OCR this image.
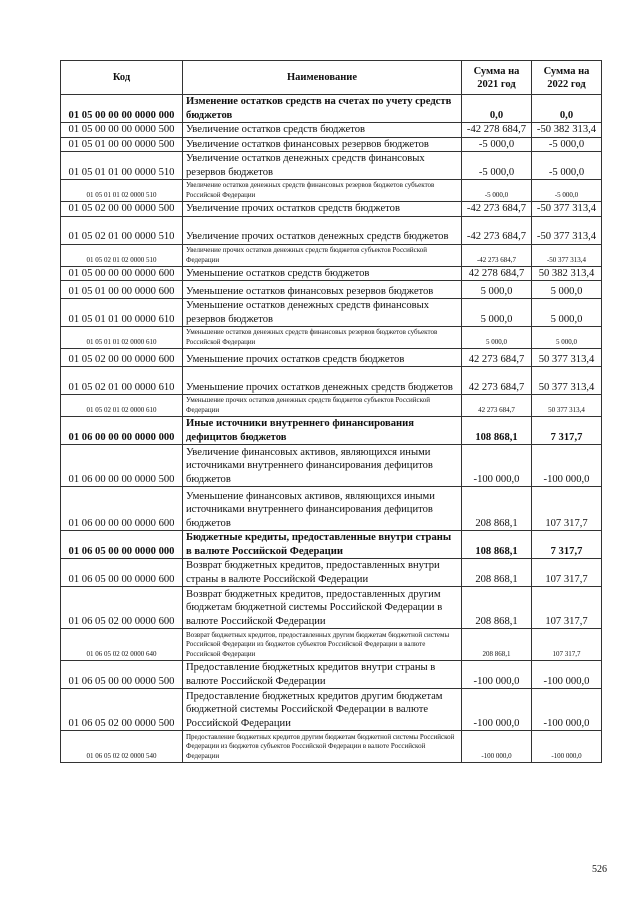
Код	Наименование	Сумма на 2021 год	Сумма на 2022 год
01 05 00 00 00 0000 000	Изменение остатков средств на счетах по учету средств бюджетов	0,0	0,0
01 05 00 00 00 0000 500	Увеличение остатков средств бюджетов	-42 278 684,7	-50 382 313,4
01 05 01 00 00 0000 500	Увеличение остатков финансовых резервов бюджетов	-5 000,0	-5 000,0
01 05 01 01 00 0000 510	Увеличение остатков денежных средств финансовых резервов бюджетов	-5 000,0	-5 000,0
01 05 01 01 02 0000 510	Увеличение остатков денежных средств финансовых резервов бюджетов субъектов Российской Федерации	-5 000,0	-5 000,0
01 05 02 00 00 0000 500	Увеличение прочих остатков средств бюджетов	-42 273 684,7	-50 377 313,4
01 05 02 01 00 0000 510	Увеличение прочих остатков денежных средств бюджетов	-42 273 684,7	-50 377 313,4
01 05 02 01 02 0000 510	Увеличение прочих остатков денежных средств бюджетов субъектов Российской Федерации	-42 273 684,7	-50 377 313,4
01 05 00 00 00 0000 600	Уменьшение остатков средств бюджетов	42 278 684,7	50 382 313,4
01 05 01 00 00 0000 600	Уменьшение остатков финансовых резервов бюджетов	5 000,0	5 000,0
01 05 01 01 00 0000 610	Уменьшение остатков денежных средств финансовых резервов бюджетов	5 000,0	5 000,0
01 05 01 01 02 0000 610	Уменьшение остатков денежных средств финансовых резервов бюджетов субъектов Российской Федерации	5 000,0	5 000,0
01 05 02 00 00 0000 600	Уменьшение прочих остатков средств бюджетов	42 273 684,7	50 377 313,4
01 05 02 01 00 0000 610	Уменьшение прочих остатков денежных средств бюджетов	42 273 684,7	50 377 313,4
01 05 02 01 02 0000 610	Уменьшение прочих остатков денежных средств бюджетов субъектов Российской Федерации	42 273 684,7	50 377 313,4
01 06 00 00 00 0000 000	Иные источники внутреннего финансирования дефицитов бюджетов	108 868,1	7 317,7
01 06 00 00 00 0000 500	Увеличение финансовых активов, являющихся иными источниками внутреннего финансирования дефицитов бюджетов	-100 000,0	-100 000,0
01 06 00 00 00 0000 600	Уменьшение финансовых активов, являющихся иными источниками внутреннего финансирования дефицитов бюджетов	208 868,1	107 317,7
01 06 05 00 00 0000 000	Бюджетные кредиты, предоставленные внутри страны в валюте Российской Федерации	108 868,1	7 317,7
01 06 05 00 00 0000 600	Возврат бюджетных кредитов, предоставленных внутри страны в валюте Российской Федерации	208 868,1	107 317,7
01 06 05 02 00 0000 600	Возврат бюджетных кредитов, предоставленных другим бюджетам бюджетной системы Российской Федерации в валюте Российской Федерации	208 868,1	107 317,7
01 06 05 02 02 0000 640	Возврат бюджетных кредитов, предоставленных другим бюджетам бюджетной системы Российской Федерации из бюджетов субъектов Российской Федерации в валюте Российской Федерации	208 868,1	107 317,7
01 06 05 00 00 0000 500	Предоставление бюджетных кредитов внутри страны в валюте Российской Федерации	-100 000,0	-100 000,0
01 06 05 02 00 0000 500	Предоставление бюджетных кредитов другим бюджетам бюджетной системы Российской Федерации в валюте Российской Федерации	-100 000,0	-100 000,0
01 06 05 02 02 0000 540	Предоставление бюджетных кредитов другим бюджетам бюджетной системы Российской Федерации из бюджетов субъектов Российской Федерации в валюте Российской Федерации	-100 000,0	-100 000,0
526
